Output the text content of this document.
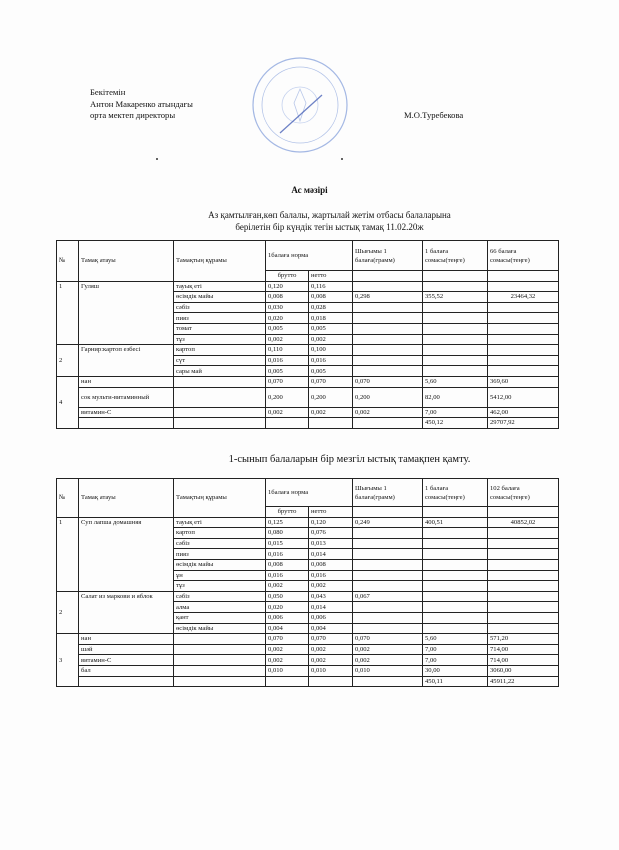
Бекітемін
Антон Макаренко атындағы
орта мектеп директоры	М.О.Туребекова
Ас мәзірі
Аз қамтылған,көп балалы, жартылай жетім отбасы балаларына
берілетін бір күндік тегін ыстық тамақ 11.02.20ж
№	Тамақ атауы	Тамақтың құрамы	1балаға норма		Шығымы 1 балаға(грамм)	1 балаға сомасы(теңге)	66 балаға сомасы(теңге)
			брутто	нетто			
1	Гуляш	тауық еті	0,120	0,116			
		өсімдік майы	0,008	0,008	0,298	355,52	23464,32
		сәбіз	0,030	0,028			
		пияз	0,020	0,018			
		томат	0,005	0,005			
		тұз	0,002	0,002			
2	Гарнир:картоп езбесі	картоп	0,110	0,100			
		сүт	0,016	0,016			
		сары май	0,005	0,005			
4	нан		0,070	0,070	0,070	5,60	369,60
	сок мульти-витаминный		0,200	0,200	0,200	82,00	5412,00
	витамин-С		0,002	0,002	0,002	7,00	462,00
						450,12	29707,92
1-сынып балаларын бір мезгіл ыстық тамақпен қамту.
№	Тамақ атауы	Тамақтың құрамы	1балаға норма		Шығымы 1 балаға(грамм)	1 балаға сомасы(теңге)	102 балаға сомасы(теңге)
			брутто	нетто			
1	Суп лапша домашняя	тауық еті	0,125	0,120	0,249	400,51	40852,02
		картоп	0,080	0,076			
		сәбіз	0,015	0,013			
		пияз	0,016	0,014			
		өсімдік майы	0,008	0,008			
		ұн	0,016	0,016			
		тұз	0,002	0,002			
2	Салат из маркови и яблок	сәбіз	0,050	0,043	0,067		
		алма	0,020	0,014			
		қант	0,006	0,006			
		өсімдік майы	0,004	0,004			
3	нан		0,070	0,070	0,070	5,60	571,20
	шәй		0,002	0,002	0,002	7,00	714,00
	витамин-С		0,002	0,002	0,002	7,00	714,00
	бал		0,010	0,010	0,010	30,00	3060,00
						450,11	45911,22
